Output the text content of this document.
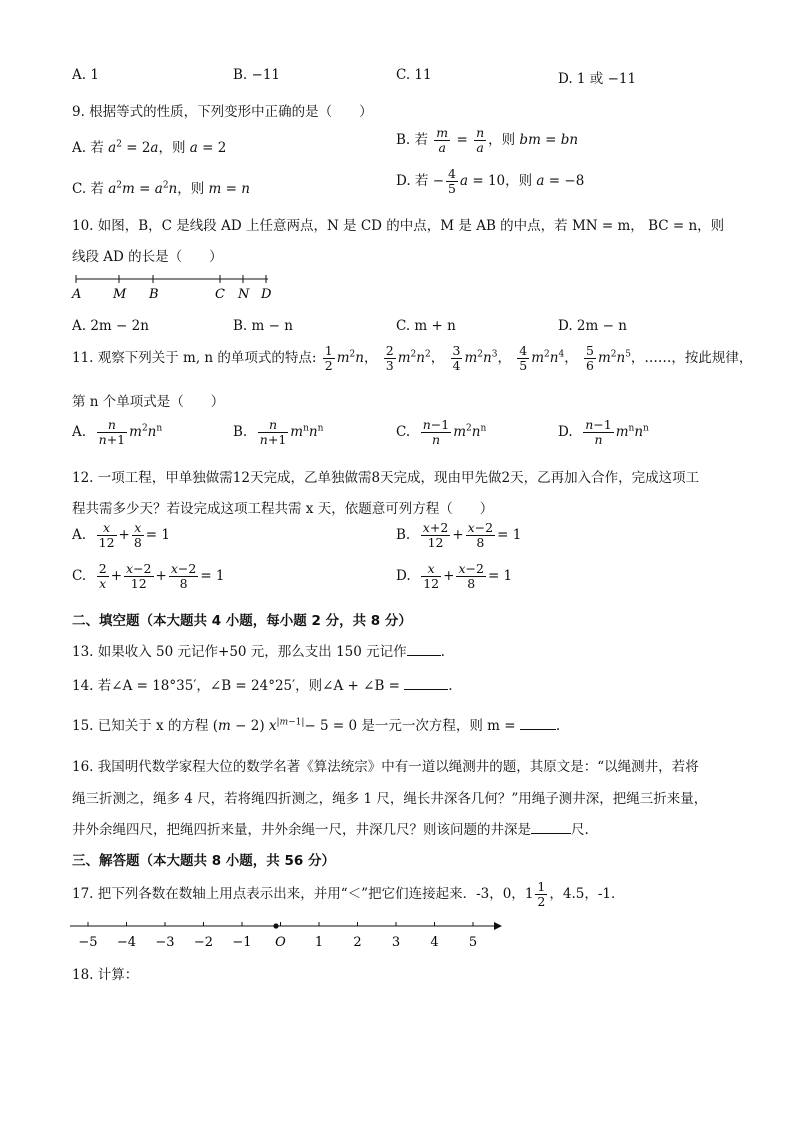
A. 1	B. −11	C. 11	D. 1 或 −11
9. 根据等式的性质，下列变形中正确的是（　　）
A. 若 $a^2 = 2a$，则 a = 2
B. 若 $\frac{m}{a} = \frac{n}{a}$ ，则 bm = bn
C. 若 $a^2m = a^2n$，则 m = n
D. 若 − $\frac{4}{5}$ a = 10，则 a = −8
10. 如图，B，C 是线段 AD 上任意两点，N 是 CD 的中点，M 是 AB 的中点，若 MN = m， BC = n，则
线段 AD 的长是（　　）
A M B	C N D
A. 2m − 2n	B. m − n	C. m + n	D. 2m − n
11. 观察下列关于 m, n 的单项式的特点: $\frac{1}{2} m^2n$， $\frac{2}{3} m^2n^2$， $\frac{3}{4} m^2n^3$， $\frac{4}{5} m^2n^4$， $\frac{5}{6} m^2n^5$，……，按此规律，
第 n 个单项式是（　　）
A. $\frac{n}{n+1} m^2n^n$	B. $\frac{n}{n+1} m^nn^n$	C. $\frac{n-1}{n} m^2n^n$	D. $\frac{n-1}{n} m^nn^n$
12. 一项工程，甲单独做需12天完成，乙单独做需8天完成，现由甲先做2天，乙再加入合作，完成这项工
程共需多少天？若设完成这项工程共需 x 天，依题意可列方程（　　）
A. $\frac{x}{12} + \frac{x}{8} = 1$	B. $\frac{x+2}{12} + \frac{x-2}{8} = 1$
C. $\frac{2}{x} + \frac{x-2}{12} + \frac{x-2}{8} = 1$	D. $\frac{x}{12} + \frac{x-2}{8} = 1$
二、填空题（本大题共 4 小题，每小题 2 分，共 8 分）
13. 如果收入 50 元记作+50 元，那么支出 150 元记作	.
14. 若∠A = 18°35′，∠B = 24°25′，则∠A + ∠B =	.
15. 已知关于 x 的方程 (m − 2) $x^{|m-1|}- 5 = 0$ 是一元一次方程，则 m =	.
16. 我国明代数学家程大位的数学名著《算法统宗》中有一道以绳测井的题，其原文是：“以绳测井，若将
绳三折测之，绳多 4 尺，若将绳四折测之，绳多 1 尺，绳长井深各几何？”用绳子测井深，把绳三折来量，
井外余绳四尺，把绳四折来量，井外余绳一尺，井深几尺？则该问题的井深是	尺.
三、解答题（本大题共 8 小题，共 56 分）
17. 把下列各数在数轴上用点表示出来，并用“＜”把它们连接起来．-3，0，$1 \frac{1}{2}$ ，4.5，-1．
−5 −4 −3 −2 −1 O 1 2 3 4 5
18. 计算：
